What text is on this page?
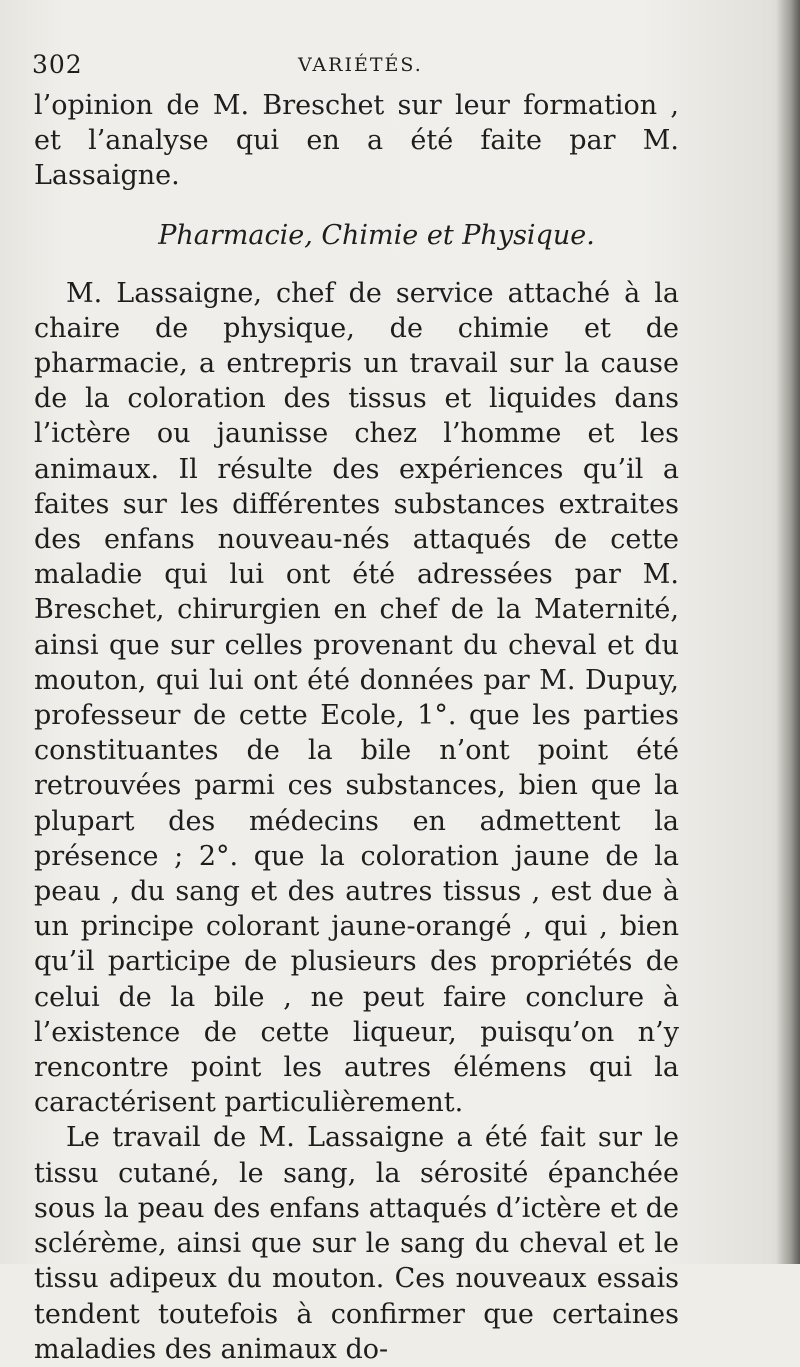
302	VARIÉTÉS.

l’opinion de M. Breschet sur leur formation , et l’analyse qui en a été faite par M. Lassaigne.

Pharmacie, Chimie et Physique.

M. Lassaigne, chef de service attaché à la chaire de physique, de chimie et de pharmacie, a entrepris un travail sur la cause de la coloration des tissus et liquides dans l’ictère ou jaunisse chez l’homme et les animaux. Il résulte des expériences qu’il a faites sur les différentes substances extraites des enfans nouveau-nés attaqués de cette maladie qui lui ont été adressées par M. Breschet, chirurgien en chef de la Maternité, ainsi que sur celles provenant du cheval et du mouton, qui lui ont été données par M. Dupuy, professeur de cette Ecole, 1°. que les parties constituantes de la bile n’ont point été retrouvées parmi ces substances, bien que la plupart des médecins en admettent la présence ; 2°. que la coloration jaune de la peau , du sang et des autres tissus , est due à un principe colorant jaune-orangé , qui , bien qu’il participe de plusieurs des propriétés de celui de la bile , ne peut faire conclure à l’existence de cette liqueur, puisqu’on n’y rencontre point les autres élémens qui la caractérisent particulièrement.

Le travail de M. Lassaigne a été fait sur le tissu cutané, le sang, la sérosité épanchée sous la peau des enfans attaqués d’ictère et de sclérème, ainsi que sur le sang du cheval et le tissu adipeux du mouton. Ces nouveaux essais tendent toutefois à confirmer que certaines maladies des animaux do-
